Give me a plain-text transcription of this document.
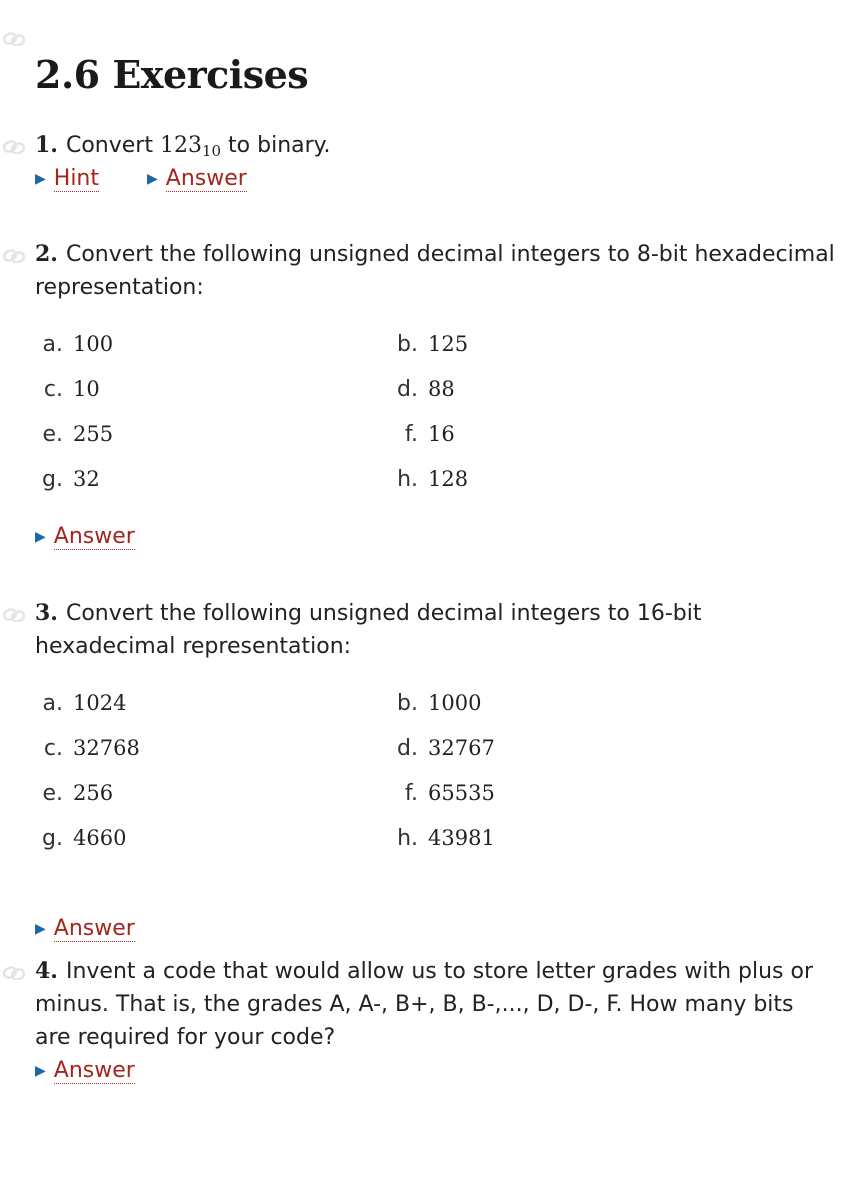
2.6 Exercises

1. Convert $123_{10}$ to binary.

▶ Hint	▶ Answer

2. Convert the following unsigned decimal integers to 8-bit hexadecimal representation:

a. 100	b. 125
c. 10	d. 88
e. 255	f. 16
g. 32	h. 128
▶ Answer

3. Convert the following unsigned decimal integers to 16-bit hexadecimal representation:

a. 1024	b. 1000
c. 32768	d. 32767
e. 256	f. 65535
g. 4660	h. 43981
▶ Answer

4. Invent a code that would allow us to store letter grades with plus or minus. That is, the grades A, A-, B+, B, B-,..., D, D-, F. How many bits are required for your code?

▶ Answer
